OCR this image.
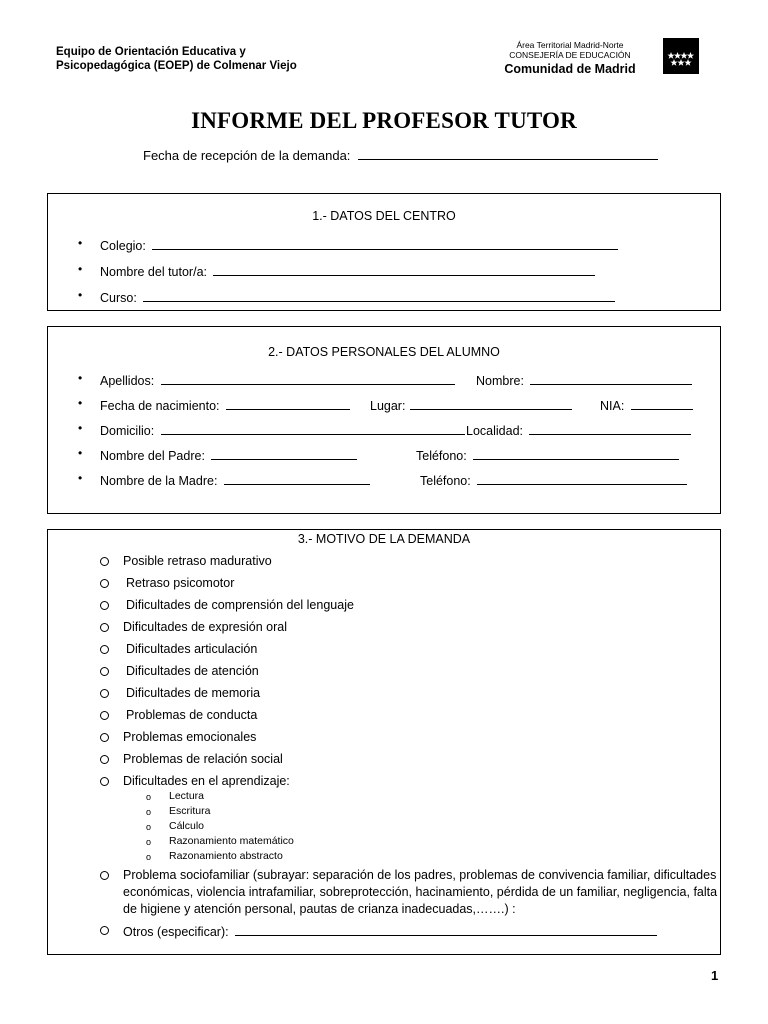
Equipo de Orientación Educativa y
Psicopedagógica (EOEP) de Colmenar Viejo
Área Territorial Madrid-Norte
CONSEJERÍA DE EDUCACIÓN
Comunidad de Madrid
INFORME DEL PROFESOR TUTOR
Fecha de recepción de la demanda:
1.- DATOS DEL CENTRO
• Colegio:
• Nombre del tutor/a:
• Curso:
2.- DATOS PERSONALES DEL ALUMNO
• Apellidos:	Nombre:
• Fecha de nacimiento:	Lugar:	NIA:
• Domicilio:	Localidad:
• Nombre del Padre:	Teléfono:
• Nombre de la Madre:	Teléfono:
3.- MOTIVO DE LA DEMANDA
Posible retraso madurativo
Retraso psicomotor
Dificultades de comprensión del lenguaje
Dificultades de expresión oral
Dificultades articulación
Dificultades de atención
Dificultades de memoria
Problemas de conducta
Problemas emocionales
Problemas de relación social
Dificultades en el aprendizaje:
o Lectura
o Escritura
o Cálculo
o Razonamiento matemático
o Razonamiento abstracto
Problema sociofamiliar (subrayar: separación de los padres, problemas de convivencia familiar, dificultades económicas, violencia intrafamiliar, sobreprotección, hacinamiento, pérdida de un familiar, negligencia, falta de higiene y atención personal, pautas de crianza inadecuadas,…….) :
Otros (especificar):
1
